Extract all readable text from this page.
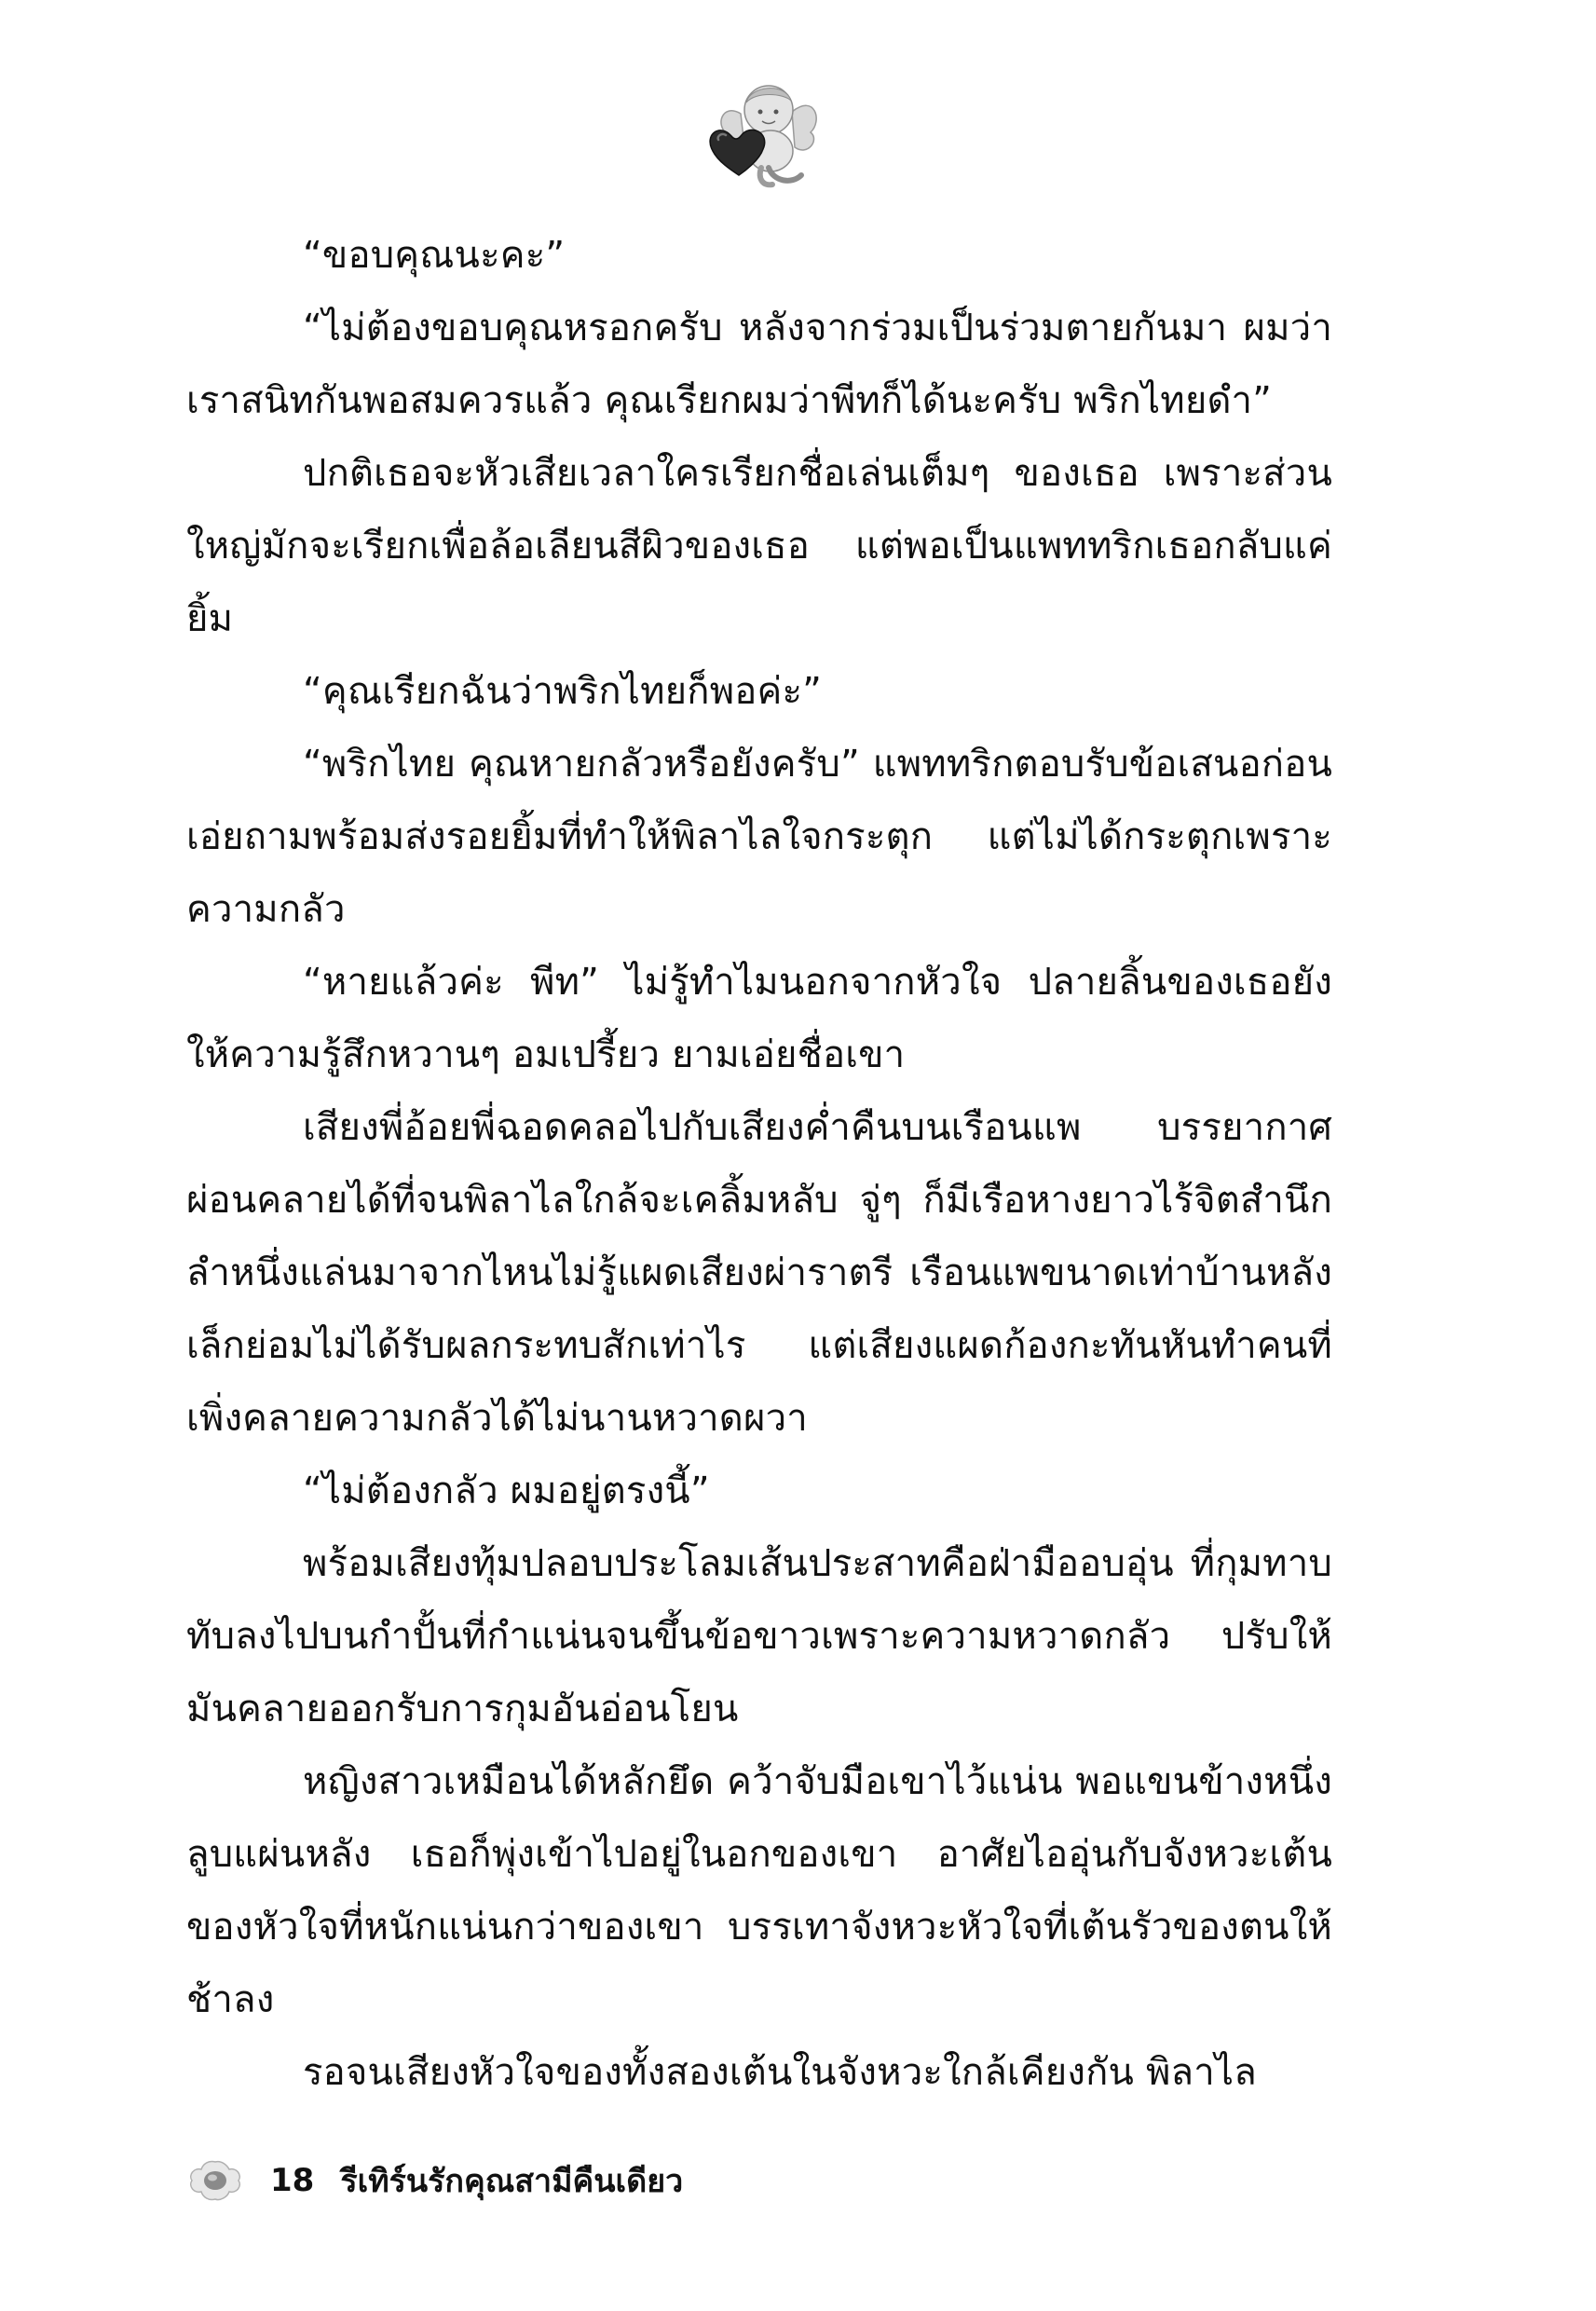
“ขอบคุณนะคะ”

“ไม่ต้องขอบคุณหรอกครับ หลังจากร่วมเป็นร่วมตายกันมา ผมว่าเราสนิทกันพอสมควรแล้ว คุณเรียกผมว่าพีทก็ได้นะครับ พริกไทยดำ”

ปกติเธอจะหัวเสียเวลาใครเรียกชื่อเล่นเต็มๆ ของเธอ เพราะส่วนใหญ่มักจะเรียกเพื่อล้อเลียนสีผิวของเธอ แต่พอเป็นแพททริกเธอกลับแค่ยิ้ม

“คุณเรียกฉันว่าพริกไทยก็พอค่ะ”

“พริกไทย คุณหายกลัวหรือยังครับ” แพททริกตอบรับข้อเสนอก่อนเอ่ยถามพร้อมส่งรอยยิ้มที่ทำให้พิลาไลใจกระตุก แต่ไม่ได้กระตุกเพราะความกลัว

“หายแล้วค่ะ พีท” ไม่รู้ทำไมนอกจากหัวใจ ปลายลิ้นของเธอยังให้ความรู้สึกหวานๆ อมเปรี้ยว ยามเอ่ยชื่อเขา

เสียงพี่อ้อยพี่ฉอดคลอไปกับเสียงค่ำคืนบนเรือนแพ บรรยากาศผ่อนคลายได้ที่จนพิลาไลใกล้จะเคลิ้มหลับ จู่ๆ ก็มีเรือหางยาวไร้จิตสำนึกลำหนึ่งแล่นมาจากไหนไม่รู้แผดเสียงผ่าราตรี เรือนแพขนาดเท่าบ้านหลังเล็กย่อมไม่ได้รับผลกระทบสักเท่าไร แต่เสียงแผดก้องกะทันหันทำคนที่เพิ่งคลายความกลัวได้ไม่นานหวาดผวา

“ไม่ต้องกลัว ผมอยู่ตรงนี้”

พร้อมเสียงทุ้มปลอบประโลมเส้นประสาทคือฝ่ามืออบอุ่น ที่กุมทาบทับลงไปบนกำปั้นที่กำแน่นจนขึ้นข้อขาวเพราะความหวาดกลัว ปรับให้มันคลายออกรับการกุมอันอ่อนโยน

หญิงสาวเหมือนได้หลักยึด คว้าจับมือเขาไว้แน่น พอแขนข้างหนึ่งลูบแผ่นหลัง เธอก็พุ่งเข้าไปอยู่ในอกของเขา อาศัยไออุ่นกับจังหวะเต้นของหัวใจที่หนักแน่นกว่าของเขา บรรเทาจังหวะหัวใจที่เต้นรัวของตนให้ช้าลง

รอจนเสียงหัวใจของทั้งสองเต้นในจังหวะใกล้เคียงกัน พิลาไล

18 รีเทิร์นรักคุณสามีคืนเดียว
